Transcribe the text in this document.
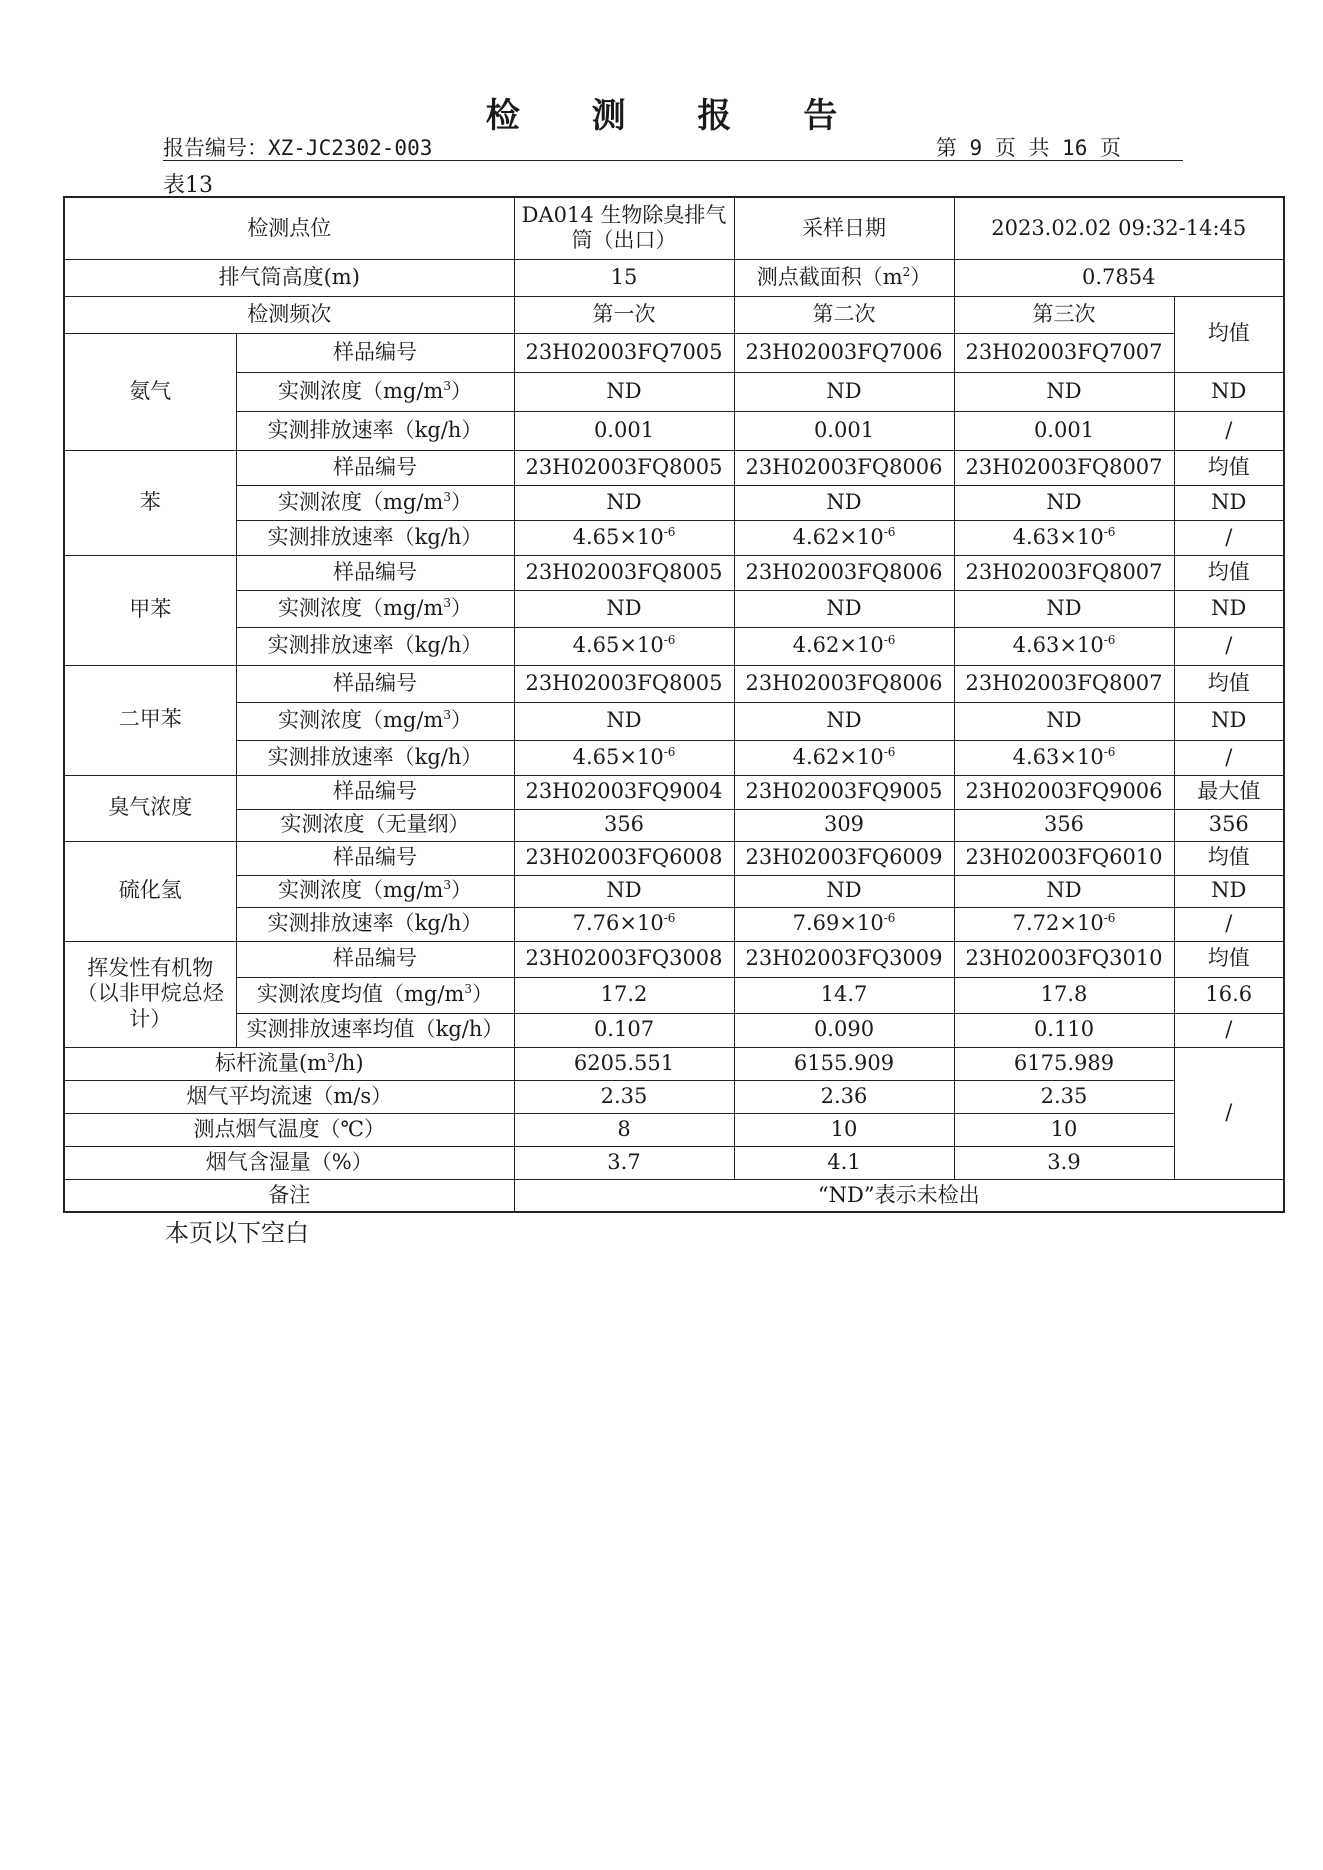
检 测 报 告
报告编号：XZ-JC2302-003	第 9 页 共 16 页
表13
检测点位		DA014 生物除臭排气筒（出口）	采样日期	2023.02.02 09:32-14:45	
排气筒高度(m)		15	测点截面积$(m^2)$	0.7854	
检测频次		第一次	第二次	第三次	均值
氨气	样品编号	23H02003FQ7005	23H02003FQ7006	23H02003FQ7007	
	实测浓度$(mg/m^3)$	ND	ND	ND	ND
	实测排放速率（kg/h）	0.001	0.001	0.001	/
苯	样品编号	23H02003FQ8005	23H02003FQ8006	23H02003FQ8007	均值
	实测浓度$(mg/m^3)$	ND	ND	ND	ND
	实测排放速率（kg/h）	$4.65\times 10^{-6}$	$4.62\times 10^{-6}$	$4.63\times 10^{-6}$	/
甲苯	样品编号	23H02003FQ8005	23H02003FQ8006	23H02003FQ8007	均值
	实测浓度$(mg/m^3)$	ND	ND	ND	ND
	实测排放速率（kg/h）	$4.65\times 10^{-6}$	$4.62\times 10^{-6}$	$4.63\times 10^{-6}$	/
二甲苯	样品编号	23H02003FQ8005	23H02003FQ8006	23H02003FQ8007	均值
	实测浓度$(mg/m^3)$	ND	ND	ND	ND
	实测排放速率（kg/h）	$4.65\times 10^{-6}$	$4.62\times 10^{-6}$	$4.63\times 10^{-6}$	/
臭气浓度	样品编号	23H02003FQ9004	23H02003FQ9005	23H02003FQ9006	最大值
	实测浓度（无量纲）	356	309	356	356
硫化氢	样品编号	23H02003FQ6008	23H02003FQ6009	23H02003FQ6010	均值
	实测浓度$(mg/m^3)$	ND	ND	ND	ND
	实测排放速率（kg/h）	$7.76\times 10^{-6}$	$7.69\times 10^{-6}$	$7.72\times 10^{-6}$	/
挥发性有机物（以非甲烷总烃计）	样品编号	23H02003FQ3008	23H02003FQ3009	23H02003FQ3010	均值
	实测浓度均值$(mg/m^3)$	17.2	14.7	17.8	16.6
	实测排放速率均值（kg/h）	0.107	0.090	0.110	/
标杆流量$(m^3/h)$		6205.551	6155.909	6175.989	/
烟气平均流速（m/s）		2.35	2.36	2.35	
测点烟气温度（℃）		8	10	10	
烟气含湿量（%）		3.7	4.1	3.9	
备注		“ND”表示未检出			
本页以下空白
